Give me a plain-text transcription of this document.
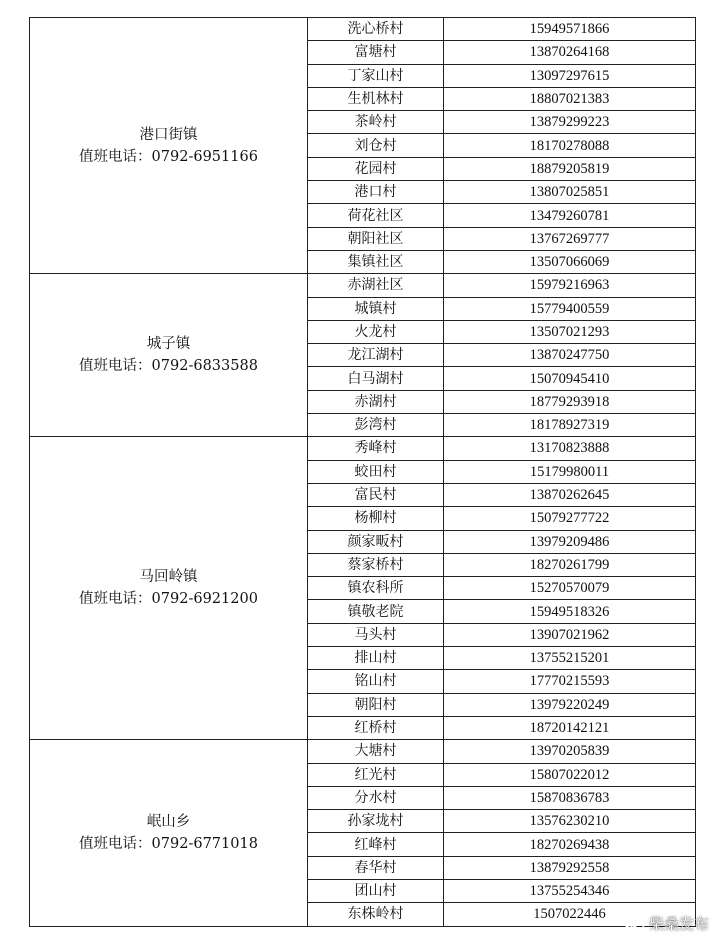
港口街镇
值班电话：0792-6951166	洗心桥村	15949571866
	富塘村	13870264168
	丁家山村	13097297615
	生机林村	18807021383
	茶岭村	13879299223
	刘仓村	18170278088
	花园村	18879205819
	港口村	13807025851
	荷花社区	13479260781
	朝阳社区	13767269777
	集镇社区	13507066069

城子镇
值班电话：0792-6833588	赤湖社区	15979216963
	城镇村	15779400559
	火龙村	13507021293
	龙江湖村	13870247750
	白马湖村	15070945410
	赤湖村	18779293918
	彭湾村	18178927319

马回岭镇
值班电话：0792-6921200	秀峰村	13170823888
	蛟田村	15179980011
	富民村	13870262645
	杨柳村	15079277722
	颜家畈村	13979209486
	蔡家桥村	18270261799
	镇农科所	15270570079
	镇敬老院	15949518326
	马头村	13907021962
	排山村	13755215201
	铭山村	17770215593
	朝阳村	13979220249
	红桥村	18720142121

岷山乡
值班电话：0792-6771018	大塘村	13970205839
	红光村	15807022012
	分水村	15870836783
	孙家垅村	13576230210
	红峰村	18270269438
	春华村	13879292558
	团山村	13755254346
	东株岭村	1507022446
柴桑发布
